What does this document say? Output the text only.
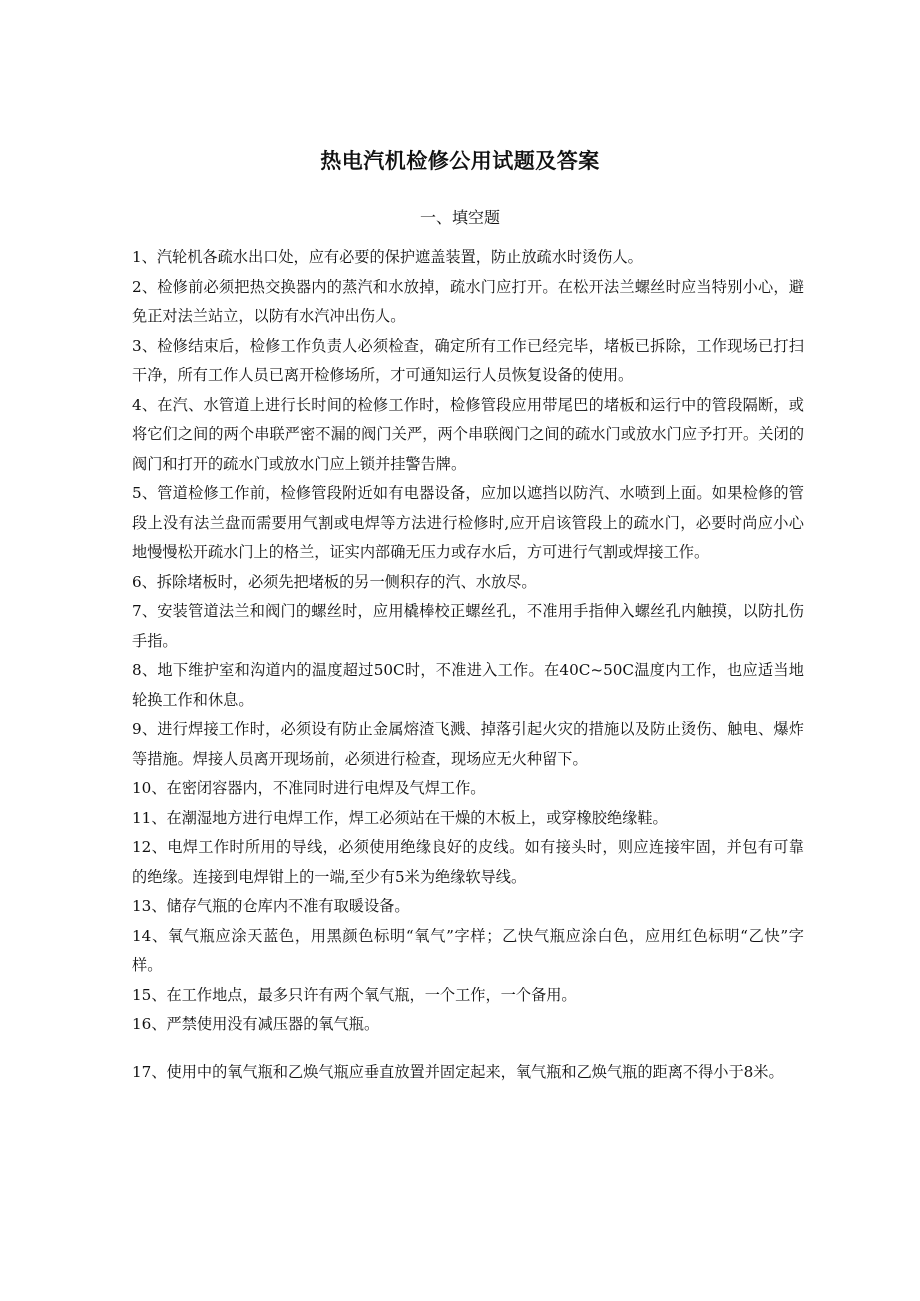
热电汽机检修公用试题及答案
一、填空题

1、汽轮机各疏水出口处，应有必要的保护遮盖装置，防止放疏水时烫伤人。

2、检修前必须把热交换器内的蒸汽和水放掉，疏水门应打开。在松开法兰螺丝时应当特别小心，避免正对法兰站立，以防有水汽冲出伤人。

3、检修结束后，检修工作负责人必须检查，确定所有工作已经完毕，堵板已拆除，工作现场已打扫干净，所有工作人员已离开检修场所，才可通知运行人员恢复设备的使用。

4、在汽、水管道上进行长时间的检修工作时，检修管段应用带尾巴的堵板和运行中的管段隔断，或将它们之间的两个串联严密不漏的阀门关严，两个串联阀门之间的疏水门或放水门应予打开。关闭的阀门和打开的疏水门或放水门应上锁并挂警告牌。

5、管道检修工作前，检修管段附近如有电器设备，应加以遮挡以防汽、水喷到上面。如果检修的管段上没有法兰盘而需要用气割或电焊等方法进行检修时,应开启该管段上的疏水门，必要时尚应小心地慢慢松开疏水门上的格兰，证实内部确无压力或存水后，方可进行气割或焊接工作。

6、拆除堵板时，必须先把堵板的另一侧积存的汽、水放尽。

7、安装管道法兰和阀门的螺丝时，应用橇棒校正螺丝孔，不准用手指伸入螺丝孔内触摸，以防扎伤手指。

8、地下维护室和沟道内的温度超过50C时，不准进入工作。在40C~50C温度内工作，也应适当地轮换工作和休息。

9、进行焊接工作时，必须设有防止金属熔渣飞溅、掉落引起火灾的措施以及防止烫伤、触电、爆炸等措施。焊接人员离开现场前，必须进行检查，现场应无火种留下。

10、在密闭容器内，不准同时进行电焊及气焊工作。

11、在潮湿地方进行电焊工作，焊工必须站在干燥的木板上，或穿橡胶绝缘鞋。

12、电焊工作时所用的导线，必须使用绝缘良好的皮线。如有接头时，则应连接牢固，并包有可靠的绝缘。连接到电焊钳上的一端,至少有5米为绝缘软导线。

13、储存气瓶的仓库内不准有取暖设备。

14、氧气瓶应涂天蓝色，用黑颜色标明“氧气”字样；乙快气瓶应涂白色，应用红色标明“乙快”字样。

15、在工作地点，最多只许有两个氧气瓶，一个工作，一个备用。

16、严禁使用没有减压器的氧气瓶。

17、使用中的氧气瓶和乙焕气瓶应垂直放置并固定起来，氧气瓶和乙焕气瓶的距离不得小于8米。
